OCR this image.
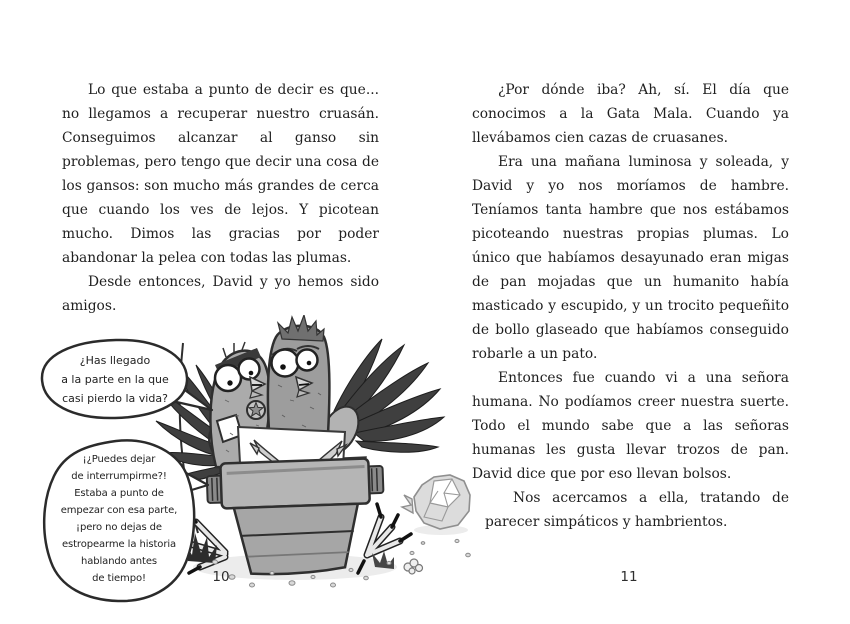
Lo que estaba a punto de decir es que... no llegamos a recuperar nuestro cruasán. Conseguimos alcanzar al ganso sin problemas, pero tengo que decir una cosa de los gansos: son mucho más grandes de cerca que cuando los ves de lejos. Y picotean mucho. Dimos las gracias por poder abandonar la pelea con todas las plumas.

Desde entonces, David y yo hemos sido amigos.

¿Por dónde iba? Ah, sí. El día que conocimos a la Gata Mala. Cuando ya llevábamos cien cazas de cruasanes.

Era una mañana luminosa y soleada, y David y yo nos moríamos de hambre. Teníamos tanta hambre que nos estábamos picoteando nuestras propias plumas. Lo único que habíamos desayunado eran migas de pan mojadas que un humanito había masticado y escupido, y un trocito pequeñito de bollo glaseado que habíamos conseguido robarle a un pato.

Entonces fue cuando vi a una señora humana. No podíamos creer nuestra suerte. Todo el mundo sabe que a las señoras humanas les gusta llevar trozos de pan. David dice que por eso llevan bolsos.

Nos acercamos a ella, tratando de parecer simpáticos y hambrientos.

¿Has llegado
a la parte en la que
casi pierdo la vida?
¡¿Puedes dejar
de interrumpirme?!
Estaba a punto de
empezar con esa parte,
¡pero no dejas de
estropearme la historia
hablando antes
de tiempo!	10	11
